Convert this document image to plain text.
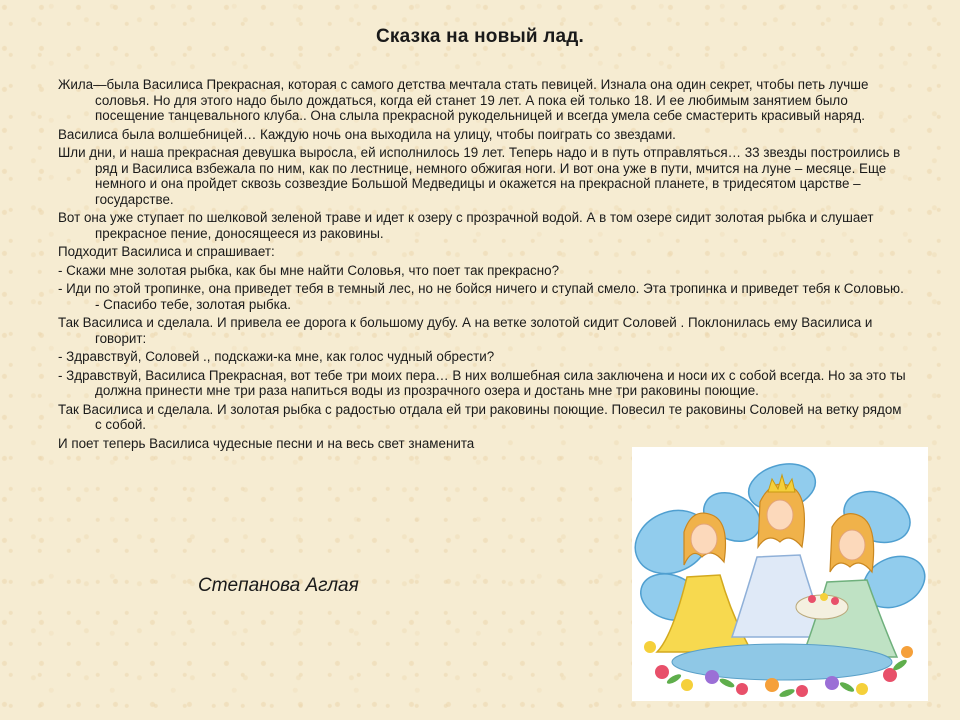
Сказка на новый лад.

Жила—была Василиса Прекрасная, которая с самого детства мечтала стать певицей. Изнала она один секрет, чтобы петь лучше соловья. Но для этого надо было дождаться, когда ей станет 19 лет. А пока ей только 18. И ее любимым занятием было посещение танцевального клуба.. Она слыла прекрасной рукодельницей и всегда умела себе смастерить красивый наряд.

Василиса была волшебницей… Каждую ночь она выходила на улицу, чтобы поиграть со звездами.

Шли дни, и наша прекрасная девушка выросла, ей исполнилось 19 лет. Теперь надо и в путь отправляться… 33 звезды построились в ряд и Василиса взбежала по ним, как по лестнице, немного обжигая ноги. И вот она уже в пути, мчится на луне – месяце. Еще немного и она пройдет сквозь созвездие Большой Медведицы и окажется на прекрасной планете, в тридесятом царстве – государстве.

Вот она уже ступает по шелковой зеленой траве и идет к озеру с прозрачной водой. А в том озере сидит золотая рыбка и слушает прекрасное пение, доносящееся из раковины.

Подходит Василиса и спрашивает:

- Скажи мне золотая рыбка, как бы мне найти Соловья, что поет так прекрасно?

- Иди по этой тропинке, она приведет тебя в темный лес, но не бойся ничего и ступай смело. Эта тропинка и приведет тебя к Соловью. - Спасибо тебе, золотая рыбка.

Так Василиса и сделала. И привела ее дорога к большому дубу. А на ветке золотой сидит Соловей . Поклонилась ему Василиса и говорит:

- Здравствуй, Соловей ., подскажи-ка мне, как голос чудный обрести?

- Здравствуй, Василиса Прекрасная, вот тебе три моих пера… В них волшебная сила заключена и носи их с собой всегда. Но за это ты должна принести мне три раза напиться воды из прозрачного озера и достань мне три раковины поющие.

Так Василиса и сделала. И золотая рыбка с радостью отдала ей три раковины поющие. Повесил те раковины Соловей на ветку рядом с собой.

И поет теперь Василиса чудесные песни и на весь свет знаменита

Степанова Аглая
